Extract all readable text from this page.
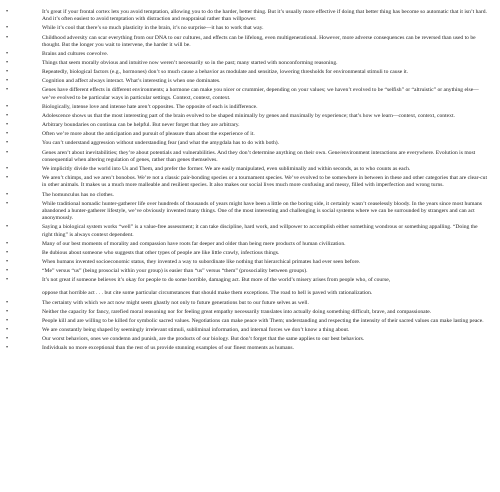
•	It’s great if your frontal cortex lets you avoid temptation, allowing you to do the harder, better thing. But it’s usually more effective if doing that better thing has become so automatic that it isn’t hard. And it’s often easiest to avoid temptation with distraction and reappraisal rather than willpower.
•	While it’s cool that there’s so much plasticity in the brain, it’s no surprise—it has to work that way.
•	Childhood adversity can scar everything from our DNA to our cultures, and effects can be lifelong, even multigenerational. However, more adverse consequences can be reversed than used to be thought. But the longer you wait to intervene, the harder it will be.
•	Brains and cultures coevolve.
•	Things that seem morally obvious and intuitive now weren’t necessarily so in the past; many started with nonconforming reasoning.
•	Repeatedly, biological factors (e.g., hormones) don’t so much cause a behavior as modulate and sensitize, lowering thresholds for environmental stimuli to cause it.
•	Cognition and affect always interact. What’s interesting is when one dominates.
•	Genes have different effects in different environments; a hormone can make you nicer or crummier, depending on your values; we haven’t evolved to be “selfish” or “altruistic” or anything else—we’ve evolved to be particular ways in particular settings. Context, context, context.
•	Biologically, intense love and intense hate aren’t opposites. The opposite of each is indifference.
•	Adolescence shows us that the most interesting part of the brain evolved to be shaped minimally by genes and maximally by experience; that’s how we learn—context, context, context.
•	Arbitrary boundaries on continua can be helpful. But never forget that they are arbitrary.
•	Often we’re more about the anticipation and pursuit of pleasure than about the experience of it.
•	You can’t understand aggression without understanding fear (and what the amygdala has to do with both).
•	Genes aren’t about inevitabilities; they’re about potentials and vulnerabilities. And they don’t determine anything on their own. Gene/environment interactions are everywhere. Evolution is most consequential when altering regulation of genes, rather than genes themselves.
•	We implicitly divide the world into Us and Them, and prefer the former. We are easily manipulated, even subliminally and within seconds, as to who counts as each.
•	We aren’t chimps, and we aren’t bonobos. We’re not a classic pair-bonding species or a tournament species. We’ve evolved to be somewhere in between in these and other categories that are clear-cut in other animals. It makes us a much more malleable and resilient species. It also makes our social lives much more confusing and messy, filled with imperfection and wrong turns.
•	The homunculus has no clothes.
•	While traditional nomadic hunter-gatherer life over hundreds of thousands of years might have been a little on the boring side, it certainly wasn’t ceaselessly bloody. In the years since most humans abandoned a hunter-gatherer lifestyle, we’ve obviously invented many things. One of the most interesting and challenging is social systems where we can be surrounded by strangers and can act anonymously.
•	Saying a biological system works “well” is a value-free assessment; it can take discipline, hard work, and willpower to accomplish either something wondrous or something appalling. “Doing the right thing” is always context dependent.
•	Many of our best moments of morality and compassion have roots far deeper and older than being mere products of human civilization.
•	Be dubious about someone who suggests that other types of people are like little crawly, infectious things.
•	When humans invented socioeconomic status, they invented a way to subordinate like nothing that hierarchical primates had ever seen before.
•	“Me” versus “us” (being prosocial within your group) is easier than “us” versus “them” (prosociality between groups).
•	It’s not great if someone believes it’s okay for people to do some horrible, damaging act. But more of the world’s misery arises from people who, of course,
oppose that horrible act . . . but cite some particular circumstances that should make them exceptions. The road to hell is paved with rationalization.
•	The certainty with which we act now might seem ghastly not only to future generations but to our future selves as well.
•	Neither the capacity for fancy, rarefied moral reasoning nor for feeling great empathy necessarily translates into actually doing something difficult, brave, and compassionate.
•	People kill and are willing to be killed for symbolic sacred values. Negotiations can make peace with Them; understanding and respecting the intensity of their sacred values can make lasting peace.
•	We are constantly being shaped by seemingly irrelevant stimuli, subliminal information, and internal forces we don’t know a thing about.
•	Our worst behaviors, ones we condemn and punish, are the products of our biology. But don’t forget that the same applies to our best behaviors.
•	Individuals no more exceptional than the rest of us provide stunning examples of our finest moments as humans.
